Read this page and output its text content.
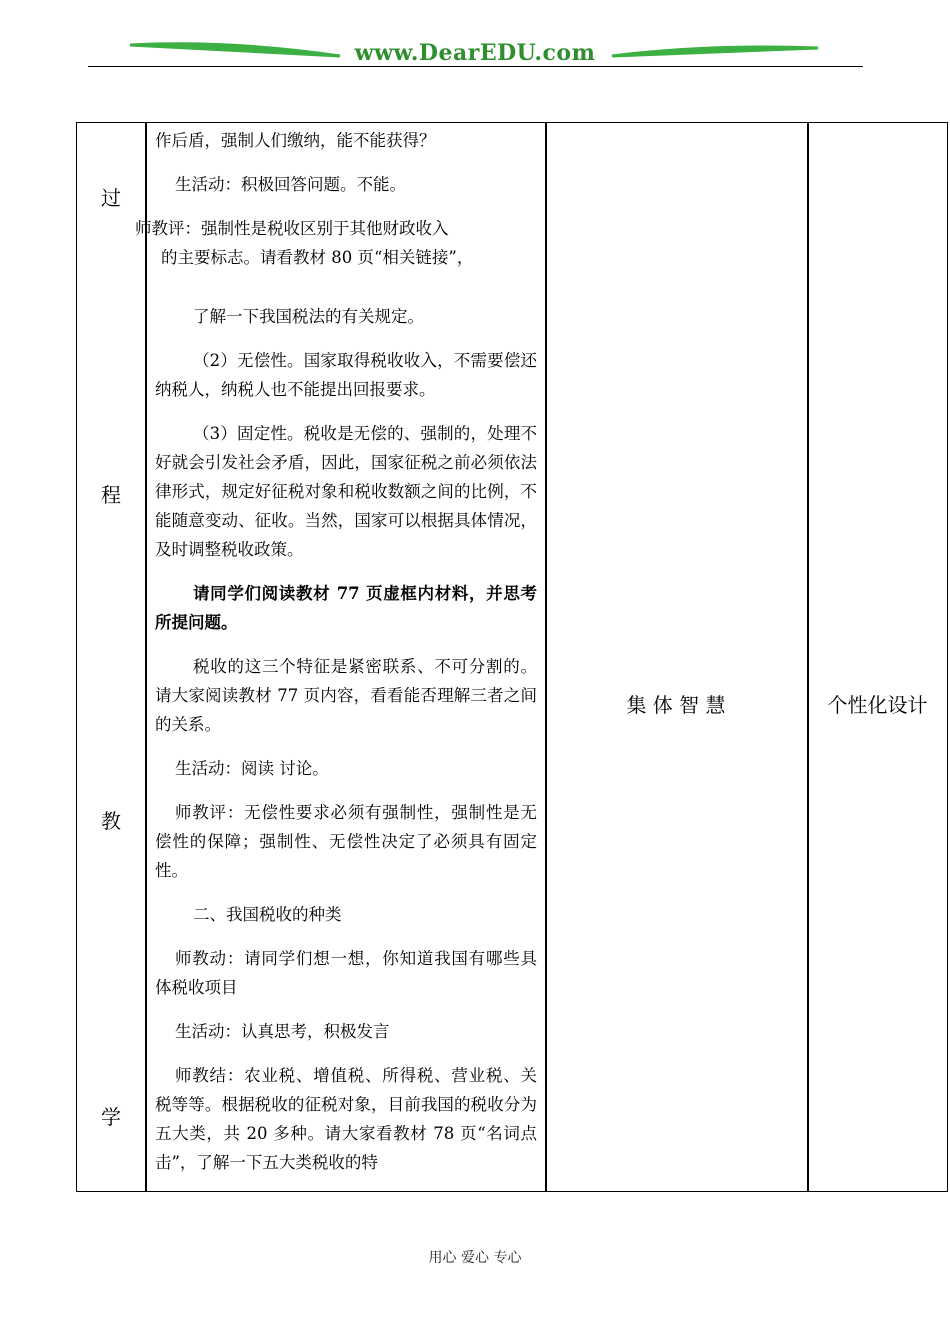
www.DearEDU.com
过
程
教
学

作后盾，强制人们缴纳，能不能获得？

生活动：积极回答问题。不能。

师教评：强制性是税收区别于其他财政收入

的主要标志。请看教材 80 页“相关链接”，

了解一下我国税法的有关规定。

（2）无偿性。国家取得税收收入，不需要偿还纳税人，纳税人也不能提出回报要求。

（3）固定性。税收是无偿的、强制的，处理不好就会引发社会矛盾，因此，国家征税之前必须依法律形式，规定好征税对象和税收数额之间的比例，不能随意变动、征收。当然，国家可以根据具体情况，及时调整税收政策。

请同学们阅读教材 77 页虚框内材料，并思考所提问题。

税收的这三个特征是紧密联系、不可分割的。请大家阅读教材 77 页内容，看看能否理解三者之间的关系。

生活动：阅读 讨论。

师教评：无偿性要求必须有强制性，强制性是无偿性的保障；强制性、无偿性决定了必须具有固定性。

二、我国税收的种类

师教动：请同学们想一想，你知道我国有哪些具体税收项目

生活动：认真思考，积极发言

师教结：农业税、增值税、所得税、营业税、关税等等。根据税收的征税对象，目前我国的税收分为五大类，共 20 多种。请大家看教材 78 页“名词点击”，了解一下五大类税收的特

集 体 智 慧	个性化设计
用心 爱心 专心
